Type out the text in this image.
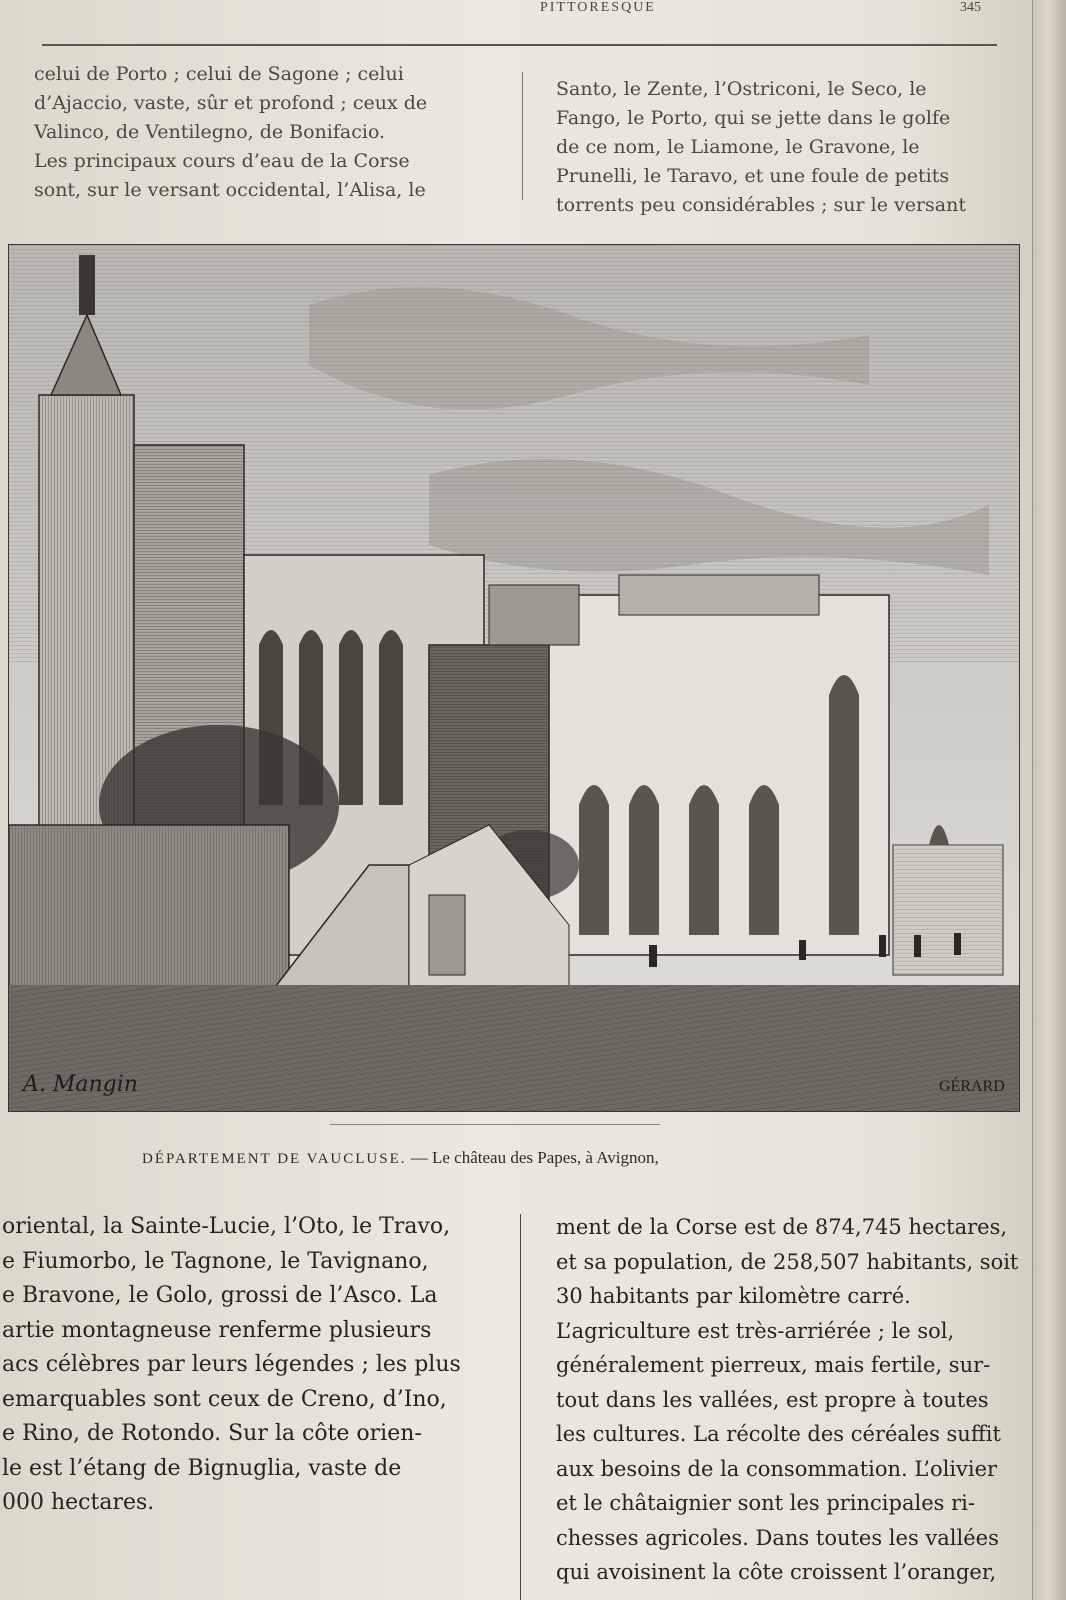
PITTORESQUE	345
celui de Porto ; celui de Sagone ; celui
d’Ajaccio, vaste, sûr et profond ; ceux de
Valinco, de Ventilegno, de Bonifacio.
Les principaux cours d’eau de la Corse
sont, sur le versant occidental, l’Alisa, le
Santo, le Zente, l’Ostriconi, le Seco, le
Fango, le Porto, qui se jette dans le golfe
de ce nom, le Liamone, le Gravone, le
Prunelli, le Taravo, et une foule de petits
torrents peu considérables ; sur le versant
A. Mangin	GÉRARD
DÉPARTEMENT DE VAUCLUSE. — Le château des Papes, à Avignon,
oriental, la Sainte-Lucie, l’Oto, le Travo,
e Fiumorbo, le Tagnone, le Tavignano,
e Bravone, le Golo, grossi de l’Asco. La
artie montagneuse renferme plusieurs
acs célèbres par leurs légendes ; les plus
emarquables sont ceux de Creno, d’Ino,
e Rino, de Rotondo. Sur la côte orien-
le est l’étang de Bignuglia, vaste de
000 hectares.
ment de la Corse est de 874,745 hectares,
et sa population, de 258,507 habitants, soit
30 habitants par kilomètre carré.
L’agriculture est très-arriérée ; le sol,
généralement pierreux, mais fertile, sur-
tout dans les vallées, est propre à toutes
les cultures. La récolte des céréales suffit
aux besoins de la consommation. L’olivier
et le châtaignier sont les principales ri-
chesses agricoles. Dans toutes les vallées
qui avoisinent la côte croissent l’oranger,
